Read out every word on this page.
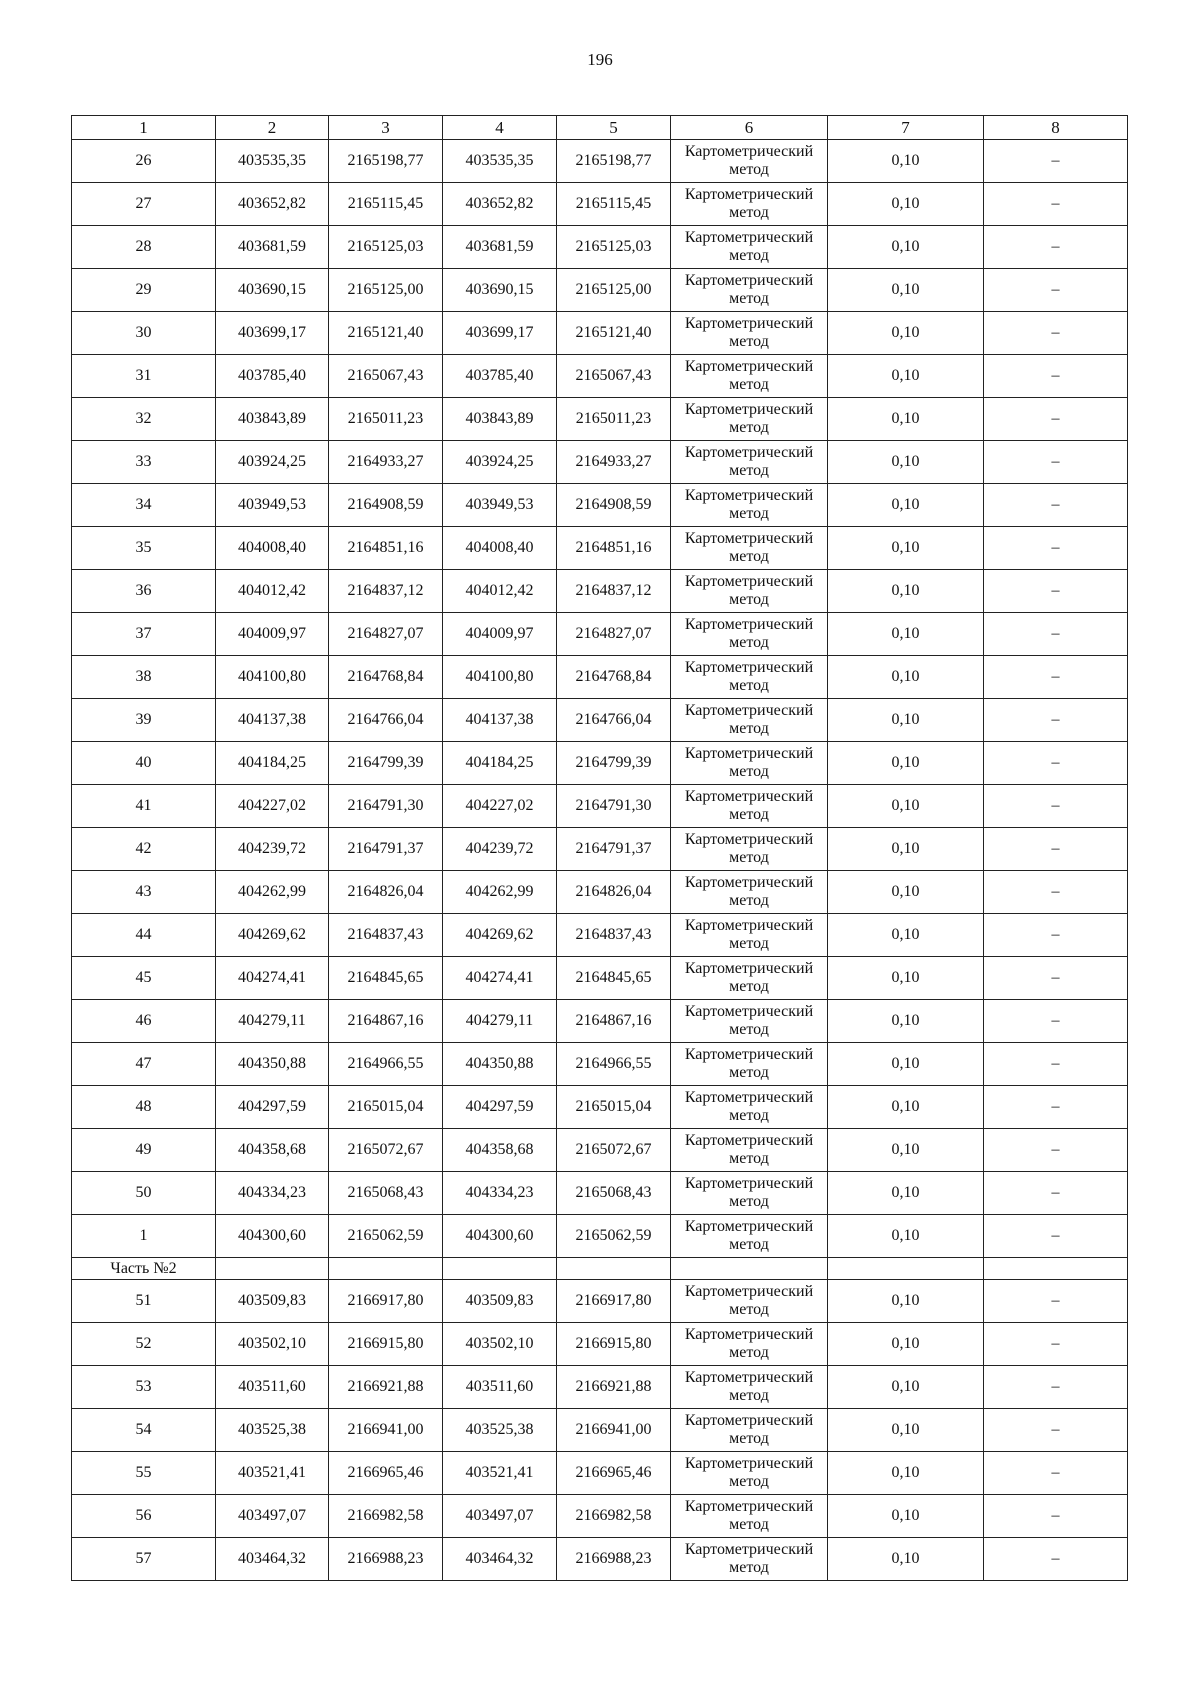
196
1	2	3	4	5	6	7	8
26	403535,35	2165198,77	403535,35	2165198,77	Картометрический метод	0,10	–
27	403652,82	2165115,45	403652,82	2165115,45	Картометрический метод	0,10	–
28	403681,59	2165125,03	403681,59	2165125,03	Картометрический метод	0,10	–
29	403690,15	2165125,00	403690,15	2165125,00	Картометрический метод	0,10	–
30	403699,17	2165121,40	403699,17	2165121,40	Картометрический метод	0,10	–
31	403785,40	2165067,43	403785,40	2165067,43	Картометрический метод	0,10	–
32	403843,89	2165011,23	403843,89	2165011,23	Картометрический метод	0,10	–
33	403924,25	2164933,27	403924,25	2164933,27	Картометрический метод	0,10	–
34	403949,53	2164908,59	403949,53	2164908,59	Картометрический метод	0,10	–
35	404008,40	2164851,16	404008,40	2164851,16	Картометрический метод	0,10	–
36	404012,42	2164837,12	404012,42	2164837,12	Картометрический метод	0,10	–
37	404009,97	2164827,07	404009,97	2164827,07	Картометрический метод	0,10	–
38	404100,80	2164768,84	404100,80	2164768,84	Картометрический метод	0,10	–
39	404137,38	2164766,04	404137,38	2164766,04	Картометрический метод	0,10	–
40	404184,25	2164799,39	404184,25	2164799,39	Картометрический метод	0,10	–
41	404227,02	2164791,30	404227,02	2164791,30	Картометрический метод	0,10	–
42	404239,72	2164791,37	404239,72	2164791,37	Картометрический метод	0,10	–
43	404262,99	2164826,04	404262,99	2164826,04	Картометрический метод	0,10	–
44	404269,62	2164837,43	404269,62	2164837,43	Картометрический метод	0,10	–
45	404274,41	2164845,65	404274,41	2164845,65	Картометрический метод	0,10	–
46	404279,11	2164867,16	404279,11	2164867,16	Картометрический метод	0,10	–
47	404350,88	2164966,55	404350,88	2164966,55	Картометрический метод	0,10	–
48	404297,59	2165015,04	404297,59	2165015,04	Картометрический метод	0,10	–
49	404358,68	2165072,67	404358,68	2165072,67	Картометрический метод	0,10	–
50	404334,23	2165068,43	404334,23	2165068,43	Картометрический метод	0,10	–
1	404300,60	2165062,59	404300,60	2165062,59	Картометрический метод	0,10	–
Часть №2							
51	403509,83	2166917,80	403509,83	2166917,80	Картометрический метод	0,10	–
52	403502,10	2166915,80	403502,10	2166915,80	Картометрический метод	0,10	–
53	403511,60	2166921,88	403511,60	2166921,88	Картометрический метод	0,10	–
54	403525,38	2166941,00	403525,38	2166941,00	Картометрический метод	0,10	–
55	403521,41	2166965,46	403521,41	2166965,46	Картометрический метод	0,10	–
56	403497,07	2166982,58	403497,07	2166982,58	Картометрический метод	0,10	–
57	403464,32	2166988,23	403464,32	2166988,23	Картометрический метод	0,10	–
